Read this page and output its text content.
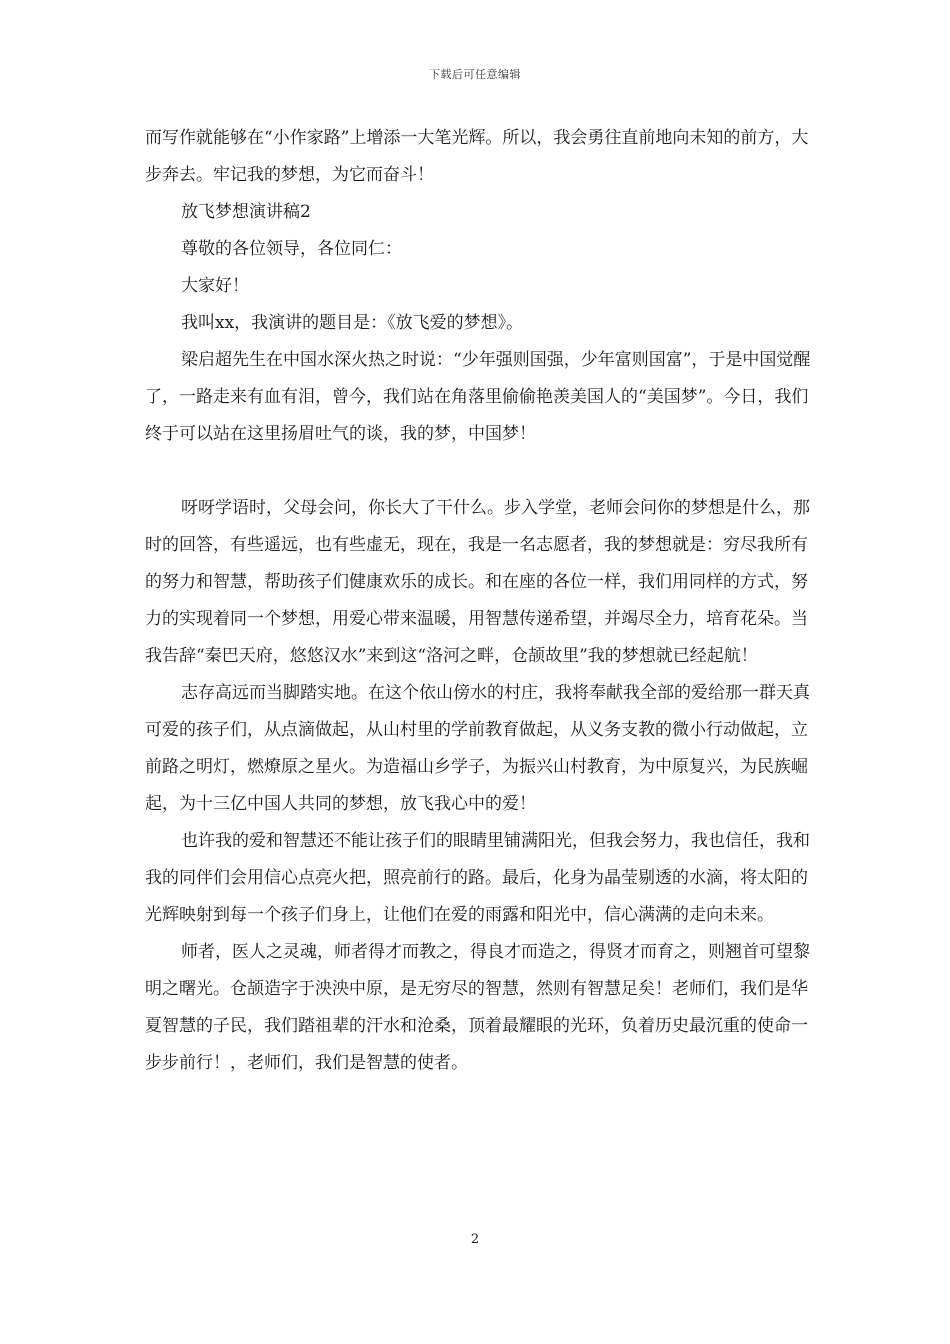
下载后可任意编辑

而写作就能够在“小作家路”上增添一大笔光辉。所以，我会勇往直前地向未知的前方，大步奔去。牢记我的梦想，为它而奋斗！

放飞梦想演讲稿2

尊敬的各位领导，各位同仁：

大家好！

我叫xx，我演讲的题目是：《放飞爱的梦想》。

梁启超先生在中国水深火热之时说：“少年强则国强，少年富则国富”，于是中国觉醒了，一路走来有血有泪，曾今，我们站在角落里偷偷艳羡美国人的“美国梦”。今日，我们终于可以站在这里扬眉吐气的谈，我的梦，中国梦！

呀呀学语时，父母会问，你长大了干什么。步入学堂，老师会问你的梦想是什么，那时的回答，有些遥远，也有些虚无，现在，我是一名志愿者，我的梦想就是：穷尽我所有的努力和智慧，帮助孩子们健康欢乐的成长。和在座的各位一样，我们用同样的方式，努力的实现着同一个梦想，用爱心带来温暖，用智慧传递希望，并竭尽全力，培育花朵。当我告辞“秦巴天府，悠悠汉水”来到这“洛河之畔，仓颉故里”我的梦想就已经起航！

志存高远而当脚踏实地。在这个依山傍水的村庄，我将奉献我全部的爱给那一群天真可爱的孩子们，从点滴做起，从山村里的学前教育做起，从义务支教的微小行动做起，立前路之明灯，燃燎原之星火。为造福山乡学子，为振兴山村教育，为中原复兴，为民族崛起，为十三亿中国人共同的梦想，放飞我心中的爱！

也许我的爱和智慧还不能让孩子们的眼睛里铺满阳光，但我会努力，我也信任，我和我的同伴们会用信心点亮火把，照亮前行的路。最后，化身为晶莹剔透的水滴，将太阳的光辉映射到每一个孩子们身上，让他们在爱的雨露和阳光中，信心满满的走向未来。

师者，医人之灵魂，师者得才而教之，得良才而造之，得贤才而育之，则翘首可望黎明之曙光。仓颉造字于泱泱中原，是无穷尽的智慧，然则有智慧足矣！老师们，我们是华夏智慧的子民，我们踏祖辈的汗水和沧桑，顶着最耀眼的光环，负着历史最沉重的使命一步步前行！，老师们，我们是智慧的使者。

2
